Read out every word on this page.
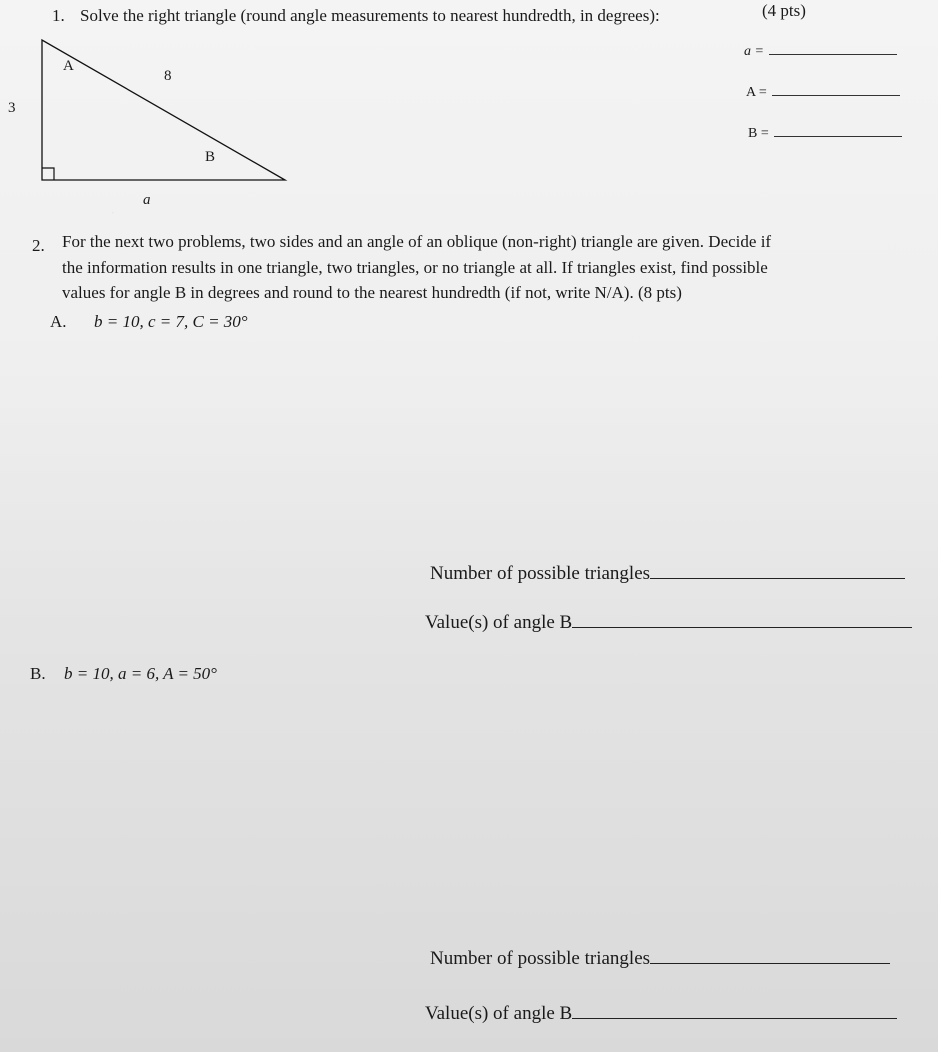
1. Solve the right triangle (round angle measurements to nearest hundredth, in degrees):	(4 pts)
A
B
8
3
a
a =
A =
B =
2. For the next two problems, two sides and an angle of an oblique (non-right) triangle are given. Decide if
the information results in one triangle, two triangles, or no triangle at all. If triangles exist, find possible
values for angle B in degrees and round to the nearest hundredth (if not, write N/A). (8 pts)
A. b = 10, c = 7, C = 30°
Number of possible triangles
Value(s) of angle B
B. b = 10, a = 6, A = 50°
Number of possible triangles
Value(s) of angle B
